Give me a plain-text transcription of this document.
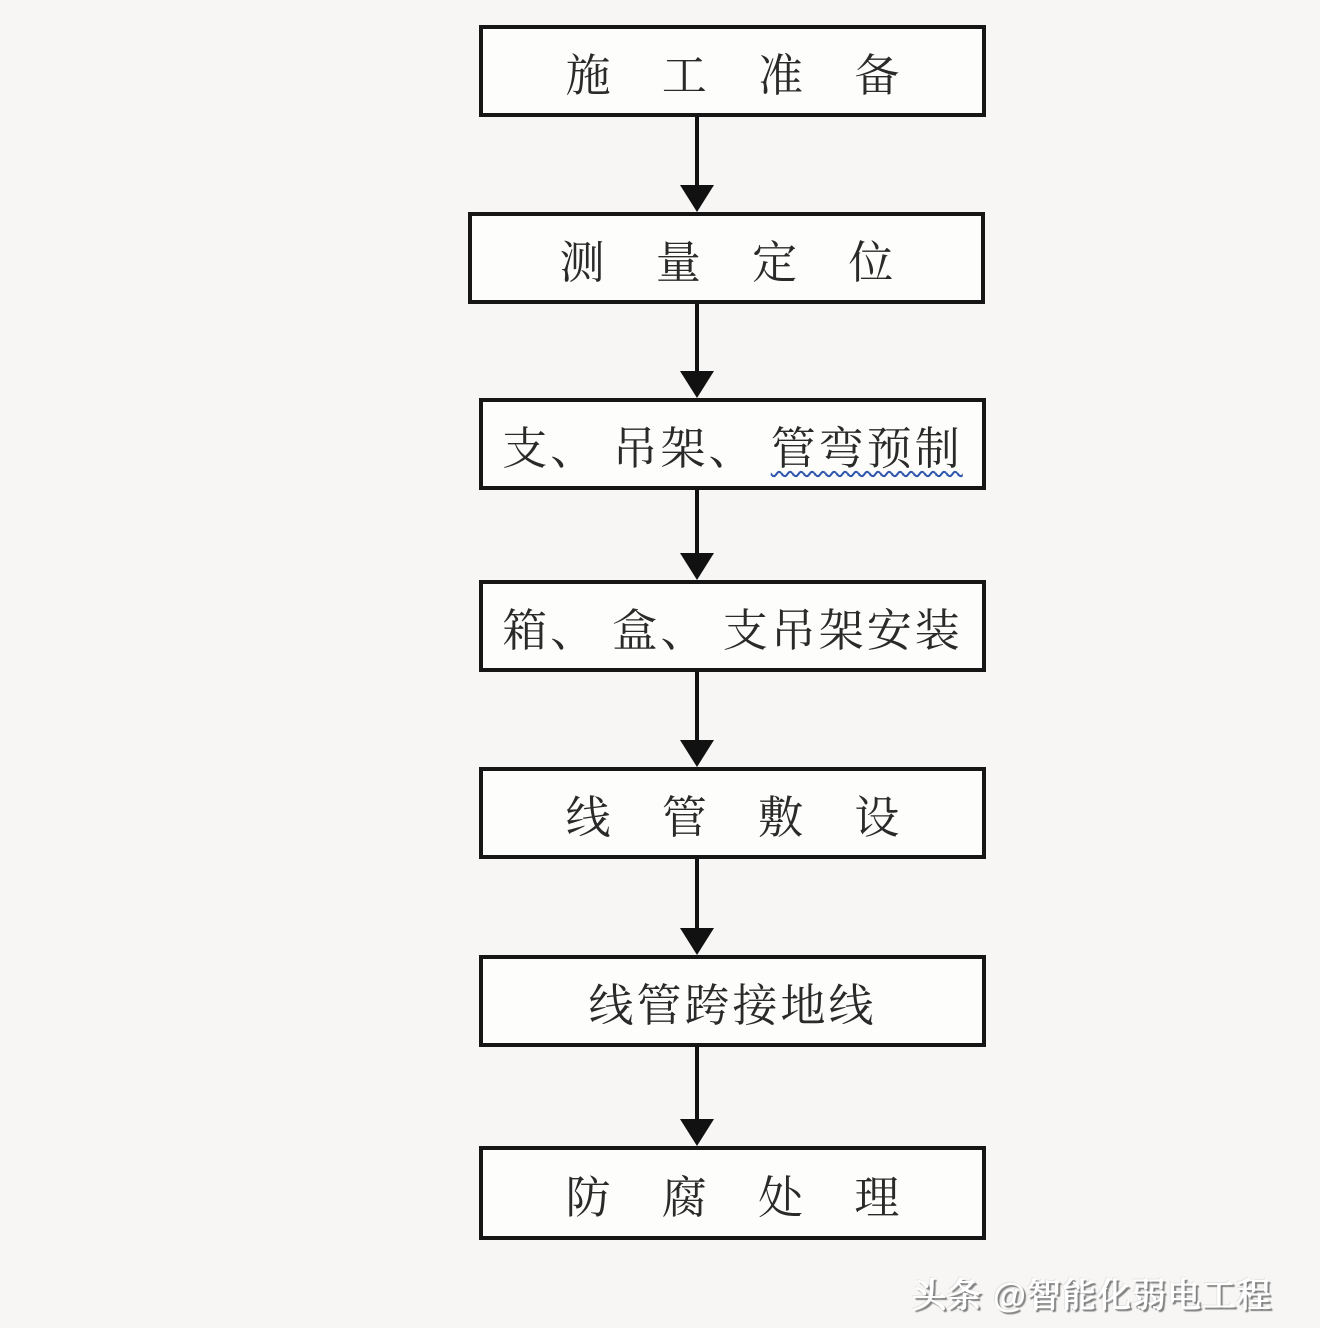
施 工 准 备
测 量 定 位
支、 吊架、 管弯预制
箱、 盒、 支吊架安装
线 管 敷 设
线管跨接地线
防 腐 处 理
头条 @智能化弱电工程
